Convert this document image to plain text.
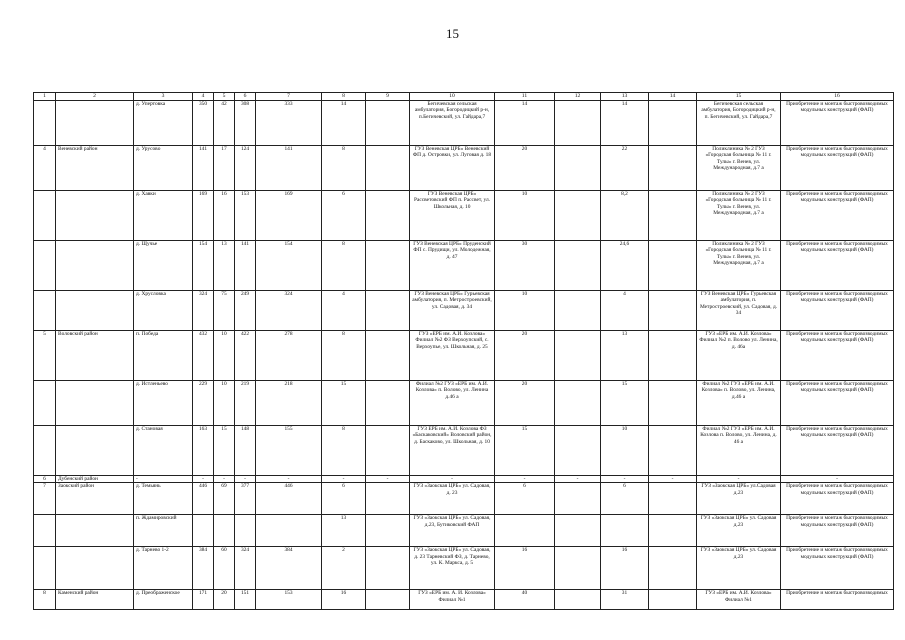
15
1	2	3	4	5	6	7	8	9	10	11	12	13	14	15	16
		д. Упертовка	350	42	308	333	14		Бегичевская сельская амбулатория, Богородицкий р-н, п.Бегичевский, ул. Гайдара,7	14		14		Бегичевская сельская амбулатория, Богородицкий р-н, п. Бегичевский, ул. Гайдара,7	Приобретение и монтаж быстровозводимых модульных конструкций (ФАП)
4	Веневский район	д. Урусово	141	17	124	141	8		ГУЗ Веневская ЦРБ» Веневский ФП д. Островки, ул. Луговая д. 18	20		22		Поликлиника № 2 ГУЗ «Городская больница № 11 г. Тулы» г. Венев, ул. Международная, д.7 а	Приобретение и монтаж быстровозводимых модульных конструкций (ФАП)
		д. Хавки	169	16	153	169	6		ГУЗ Веневская ЦРБ» Рассветовский ФП п. Рассвет, ул. Школьная, д. 10	10		8,2		Поликлиника № 2 ГУЗ «Городская больница № 11 г. Тулы» г. Венев, ул. Международная, д.7 а	Приобретение и монтаж быстровозводимых модульных конструкций (ФАП)
		д. Щучье	154	13	141	154	8		ГУЗ Веневская ЦРБ» Пруденский ФП с. Прудищи, ул. Молодежная, д. 47	30		24,6		Поликлиника № 2 ГУЗ «Городская больница № 11 г. Тулы» г. Венев, ул. Международная, д.7 а	Приобретение и монтаж быстровозводимых модульных конструкций (ФАП)
		д. Хрусловка	324	75	249	324	4		ГУЗ Веневская ЦРБ» Гурьевская амбулатория, п. Метростроевский, ул. Садовая, д. 34	10		4		ГУЗ Веневская ЦРБ» Гурьевская амбулатория, п. Метростроевский, ул. Садовая, д. 34	Приобретение и монтаж быстровозводимых модульных конструкций (ФАП)
5	Воловский район	п. Победа	432	10	422	278	8		ГУЗ «ЕРБ им. А.И. Козлова» Филиал №2 ФЗ Верхоупский, с. Верхоупье, ул. Школьная, д. 25	20		13		ГУЗ «ЕРБ им. А.И. Козлова» Филиал №2 п. Волово ул. Ленина, д. 46а	Приобретение и монтаж быстровозводимых модульных конструкций (ФАП)
		д. Истленьево	229	10	219	218	15		Филиал №2 ГУЗ «ЕРБ им. А.И. Козлова» п. Волово, ул. Ленина д.46 а	20		15		Филиал №2 ГУЗ «ЕРБ им. А.И. Козлова» п. Волово, ул. Ленина, д.46 а	Приобретение и монтаж быстровозводимых модульных конструкций (ФАП)
		д. Становая	163	15	148	155	8		ГУЗ ЕРБ им. А.И. Козлова ФЗ «Баскаковский» Воловский район, д. Баскаково, ул. Школьная, д. 10	15		10		Филиал №2 ГУЗ «ЕРБ им. А.И. Козлова п. Волово, ул. Ленина, д. 46 а	Приобретение и монтаж быстровозводимых модульных конструкций (ФАП)
6	Дубенский район	-	-	-	-	-	-	-	-	-	-	-	-	-	-
7	Заокский район	д. Темьянь	446	69	377	446	6		ГУЗ «Заокская ЦРБ» ул. Садовая, д. 23	6		6		ГУЗ «Заокская ЦРБ» ул.Садовая д.23	Приобретение и монтаж быстровозводимых модульных конструкций (ФАП)
		п. Ждамировский					13		ГУЗ «Заокская ЦРБ» ул. Садовая, д.23, Бутиковский ФАП					ГУЗ «Заокская ЦРБ» ул. Садовая д.23	Приобретение и монтаж быстровозводимых модульных конструкций (ФАП)
		д. Тарнево 1-2	384	60	324	384	2		ГУЗ «Заокская ЦРБ» ул. Садовая, д. 23 Тарневский ФЗ, д. Тарнево, ул. К. Маркса, д. 5	16		16		ГУЗ «Заокская ЦРБ» ул. Садовая д.23	Приобретение и монтаж быстровозводимых модульных конструкций (ФАП)
8	Каменский район	д. Преображенское	171	20	151	153	16		ГУЗ «ЕРБ им. А. И. Козлова» Филиал №1	40		31		ГУЗ «ЕРБ им. А.И. Козлова» Филиал №1	Приобретение и монтаж быстровозводимых
